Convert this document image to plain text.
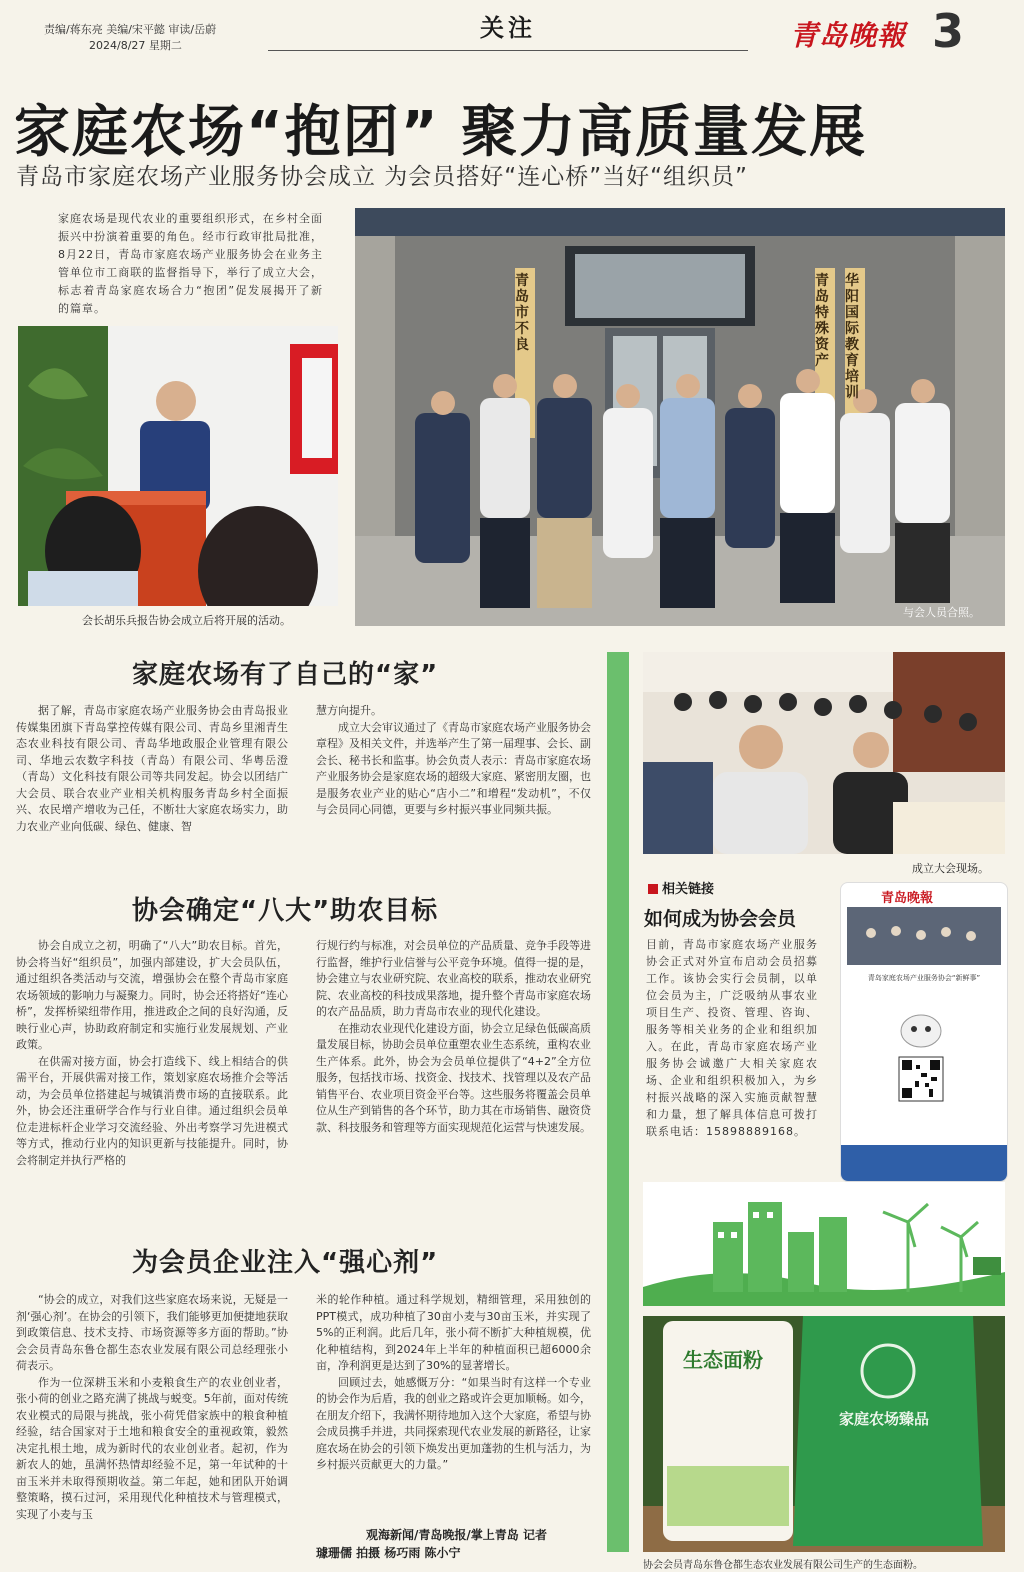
责编/蒋东亮 美编/宋平懿 审读/岳蔚
2024/8/27 星期二
关注	青岛晚報 3
家庭农场“抱团” 聚力高质量发展
青岛市家庭农场产业服务协会成立 为会员搭好“连心桥”当好“组织员”
家庭农场是现代农业的重要组织形式，在乡村全面振兴中扮演着重要的角色。经市行政审批局批准，8月22日，青岛市家庭农场产业服务协会在业务主管单位市工商联的监督指导下，举行了成立大会，标志着青岛家庭农场合力“抱团”促发展揭开了新的篇章。
会长胡乐兵报告协会成立后将开展的活动。
青岛市不良
青岛特殊资产
华阳国际教育培训
与会人员合照。
家庭农场有了自己的“家”

据了解，青岛市家庭农场产业服务协会由青岛报业传媒集团旗下青岛掌控传媒有限公司、青岛乡里湘青生态农业科技有限公司、青岛华地政服企业管理有限公司、华地云农数字科技（青岛）有限公司、华粤岳澄（青岛）文化科技有限公司等共同发起。协会以团结广大会员、联合农业产业相关机构服务青岛乡村全面振兴、农民增产增收为己任，不断壮大家庭农场实力，助力农业产业向低碳、绿色、健康、智

慧方向提升。

成立大会审议通过了《青岛市家庭农场产业服务协会章程》及相关文件，并选举产生了第一届理事、会长、副会长、秘书长和监事。协会负责人表示：青岛市家庭农场产业服务协会是家庭农场的超级大家庭、紧密朋友圈，也是服务农业产业的贴心“店小二”和增程“发动机”，不仅与会员同心同德，更要与乡村振兴事业同频共振。

协会确定“八大”助农目标

协会自成立之初，明确了“八大”助农目标。首先，协会将当好“组织员”，加强内部建设，扩大会员队伍，通过组织各类活动与交流，增强协会在整个青岛市家庭农场领域的影响力与凝聚力。同时，协会还将搭好“连心桥”，发挥桥梁纽带作用，推进政企之间的良好沟通，反映行业心声，协助政府制定和实施行业发展规划、产业政策。

在供需对接方面，协会打造线下、线上相结合的供需平台，开展供需对接工作，策划家庭农场推介会等活动，为会员单位搭建起与城镇消费市场的直接联系。此外，协会还注重研学合作与行业自律。通过组织会员单位走进标杆企业学习交流经验、外出考察学习先进模式等方式，推动行业内的知识更新与技能提升。同时，协会将制定并执行严格的

行规行约与标准，对会员单位的产品质量、竞争手段等进行监督，维护行业信誉与公平竞争环境。值得一提的是，协会建立与农业研究院、农业高校的联系，推动农业研究院、农业高校的科技成果落地，提升整个青岛市家庭农场的农产品品质，助力青岛市农业的现代化建设。

在推动农业现代化建设方面，协会立足绿色低碳高质量发展目标，协助会员单位重塑农业生态系统，重构农业生产体系。此外，协会为会员单位提供了“4+2”全方位服务，包括找市场、找资金、找技术、找管理以及农产品销售平台、农业项目资金平台等。这些服务将覆盖会员单位从生产到销售的各个环节，助力其在市场销售、融资贷款、科技服务和管理等方面实现规范化运营与快速发展。

为会员企业注入“强心剂”

“协会的成立，对我们这些家庭农场来说，无疑是一剂‘强心剂’。在协会的引领下，我们能够更加便捷地获取到政策信息、技术支持、市场资源等多方面的帮助。”协会会员青岛东鲁仓都生态农业发展有限公司总经理张小荷表示。

作为一位深耕玉米和小麦粮食生产的农业创业者，张小荷的创业之路充满了挑战与蜕变。5年前，面对传统农业模式的局限与挑战，张小荷凭借家族中的粮食种植经验，结合国家对于土地和粮食安全的重视政策，毅然决定扎根土地，成为新时代的农业创业者。起初，作为新农人的她，虽满怀热情却经验不足，第一年试种的十亩玉米并未取得预期收益。第二年起，她和团队开始调整策略，摸石过河，采用现代化种植技术与管理模式，实现了小麦与玉

米的轮作种植。通过科学规划，精细管理，采用独创的PPT模式，成功种植了30亩小麦与30亩玉米，并实现了5%的正利润。此后几年，张小荷不断扩大种植规模，优化种植结构，到2024年上半年的种植面积已超6000余亩，净利润更是达到了30%的显著增长。

回顾过去，她感慨万分：“如果当时有这样一个专业的协会作为后盾，我的创业之路或许会更加顺畅。如今，在朋友介绍下，我满怀期待地加入这个大家庭，希望与协会成员携手并进，共同探索现代农业发展的新路径，让家庭农场在协会的引领下焕发出更加蓬勃的生机与活力，为乡村振兴贡献更大的力量。”

观海新闻/青岛晚报/掌上青岛 记者
璩珊儒 拍摄 杨巧雨 陈小宁
成立大会现场。
相关链接
如何成为协会会员
目前，青岛市家庭农场产业服务协会正式对外宣布启动会员招募工作。该协会实行会员制，以单位会员为主，广泛吸纳从事农业项目生产、投资、管理、咨询、服务等相关业务的企业和组织加入。在此，青岛市家庭农场产业服务协会诚邀广大相关家庭农场、企业和组织积极加入，为乡村振兴战略的深入实施贡献智慧和力量，想了解具体信息可拨打联系电话：15898889168。
青岛晚報
青岛家庭农场产业服务协会“新鲜事”
生态面粉
家庭农场臻品
协会会员青岛东鲁仓都生态农业发展有限公司生产的生态面粉。
